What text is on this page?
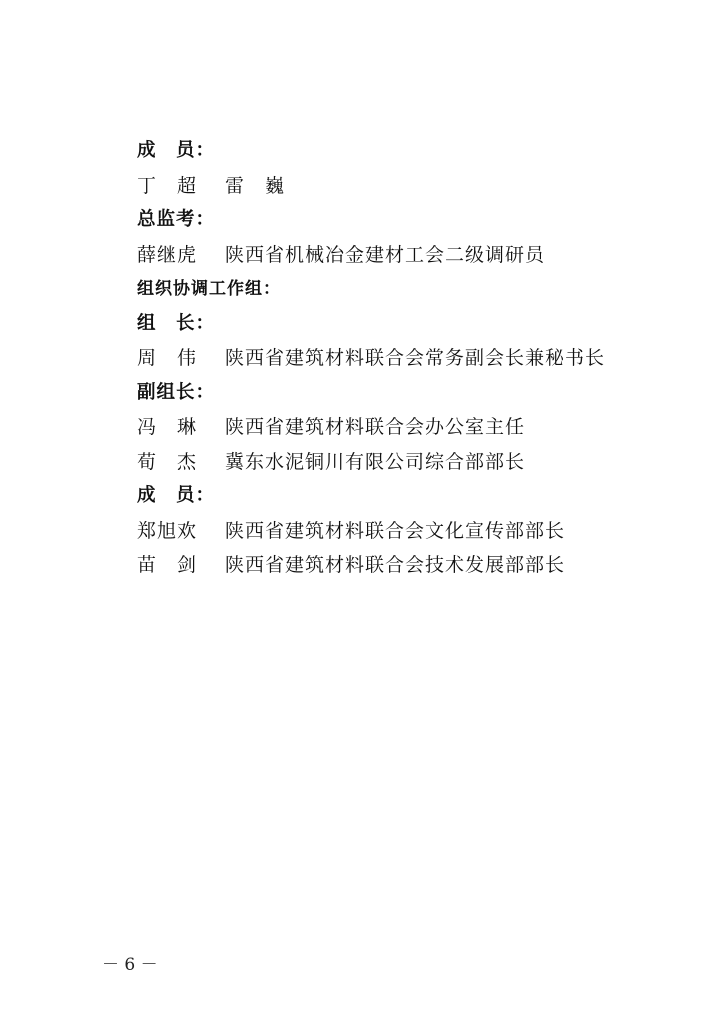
成　员：
丁　超 雷　巍
总监考：
薛继虎 陕西省机械冶金建材工会二级调研员
组织协调工作组：
组　长：
周　伟 陕西省建筑材料联合会常务副会长兼秘书长
副组长：
冯　琳 陕西省建筑材料联合会办公室主任
荀　杰 冀东水泥铜川有限公司综合部部长
成　员：
郑旭欢 陕西省建筑材料联合会文化宣传部部长
苗　剑 陕西省建筑材料联合会技术发展部部长
－ 6 －
